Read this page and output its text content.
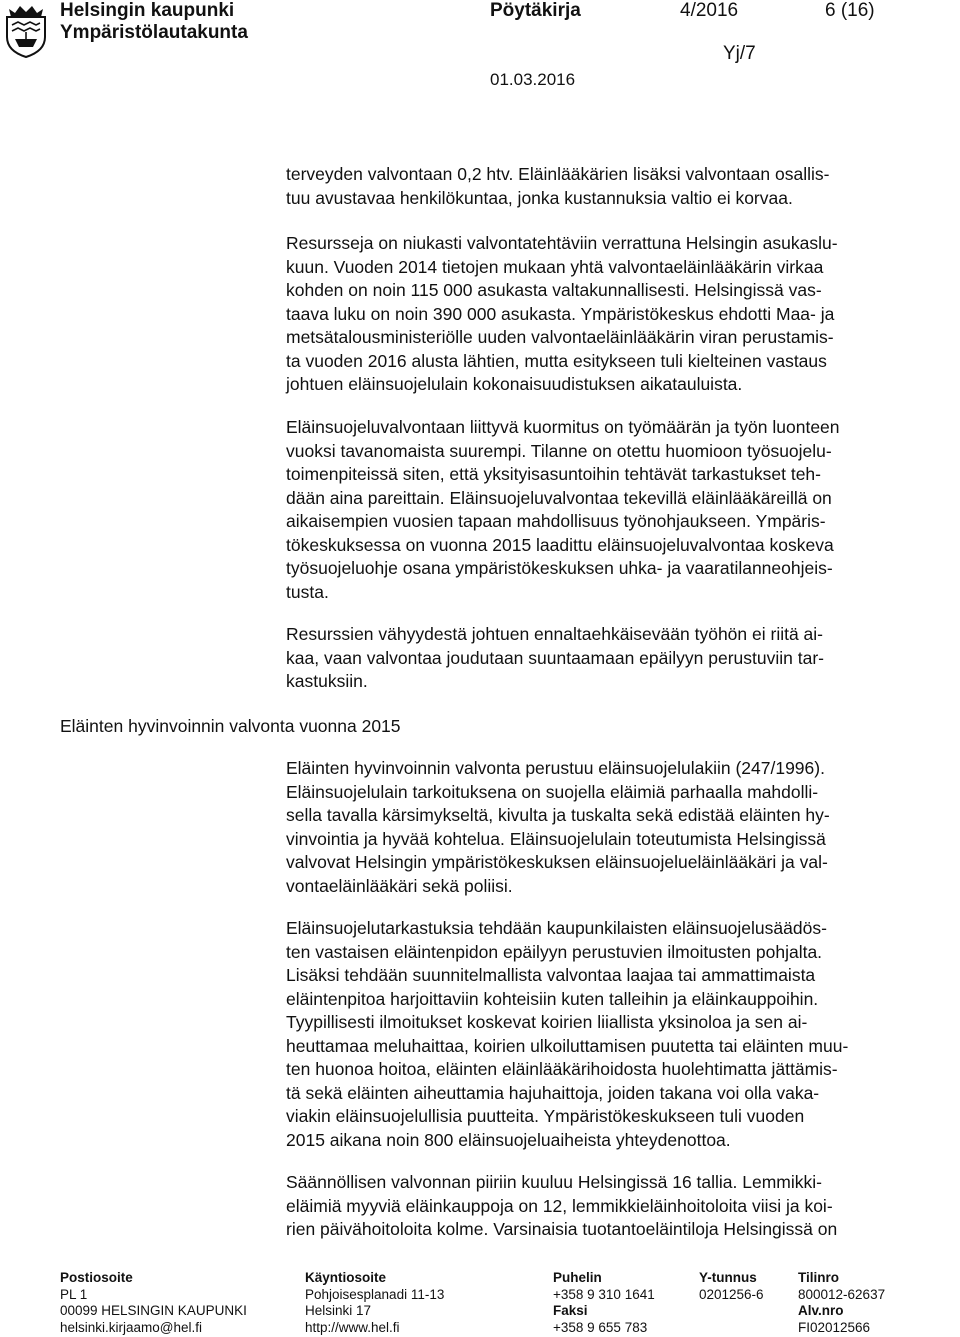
Helsingin kaupunki
Ympäristölautakunta
Pöytäkirja	4/2016	6 (16)
Yj/7
01.03.2016

terveyden valvontaan 0,2 htv. Eläinlääkärien lisäksi valvontaan osallis-

tuu avustavaa henkilökuntaa, jonka kustannuksia valtio ei korvaa.

Resursseja on niukasti valvontatehtäviin verrattuna Helsingin asukaslu-

kuun. Vuoden 2014 tietojen mukaan yhtä valvontaeläinlääkärin virkaa

kohden on noin 115 000 asukasta valtakunnallisesti. Helsingissä vas-

taava luku on noin 390 000 asukasta. Ympäristökeskus ehdotti Maa- ja

metsätalousministeriölle uuden valvontaeläinlääkärin viran perustamis-

ta vuoden 2016 alusta lähtien, mutta esitykseen tuli kielteinen vastaus

johtuen eläinsuojelulain kokonaisuudistuksen aikatauluista.

Eläinsuojeluvalvontaan liittyvä kuormitus on työmäärän ja työn luonteen

vuoksi tavanomaista suurempi. Tilanne on otettu huomioon työsuojelu-

toimenpiteissä siten, että yksityisasuntoihin tehtävät tarkastukset teh-

dään aina pareittain. Eläinsuojeluvalvontaa tekevillä eläinlääkäreillä on

aikaisempien vuosien tapaan mahdollisuus työnohjaukseen. Ympäris-

tökeskuksessa on vuonna 2015 laadittu eläinsuojeluvalvontaa koskeva

työsuojeluohje osana ympäristökeskuksen uhka- ja vaaratilanneohjeis-

tusta.

Resurssien vähyydestä johtuen ennaltaehkäisevään työhön ei riitä ai-

kaa, vaan valvontaa joudutaan suuntaamaan epäilyyn perustuviin tar-

kastuksiin.

Eläinten hyvinvoinnin valvonta vuonna 2015

Eläinten hyvinvoinnin valvonta perustuu eläinsuojelulakiin (247/1996).

Eläinsuojelulain tarkoituksena on suojella eläimiä parhaalla mahdolli-

sella tavalla kärsimykseltä, kivulta ja tuskalta sekä edistää eläinten hy-

vinvointia ja hyvää kohtelua. Eläinsuojelulain toteutumista Helsingissä

valvovat Helsingin ympäristökeskuksen eläinsuojelueläinlääkäri ja val-

vontaeläinlääkäri sekä poliisi.

Eläinsuojelutarkastuksia tehdään kaupunkilaisten eläinsuojelusäädös-

ten vastaisen eläintenpidon epäilyyn perustuvien ilmoitusten pohjalta.

Lisäksi tehdään suunnitelmallista valvontaa laajaa tai ammattimaista

eläintenpitoa harjoittaviin kohteisiin kuten talleihin ja eläinkauppoihin.

Tyypillisesti ilmoitukset koskevat koirien liiallista yksinoloa ja sen ai-

heuttamaa meluhaittaa, koirien ulkoiluttamisen puutetta tai eläinten muu-

ten huonoa hoitoa, eläinten eläinlääkärihoidosta huolehtimatta jättämis-

tä sekä eläinten aiheuttamia hajuhaittoja, joiden takana voi olla vaka-

viakin eläinsuojelullisia puutteita. Ympäristökeskukseen tuli vuoden

2015 aikana noin 800 eläinsuojeluaiheista yhteydenottoa.

Säännöllisen valvonnan piiriin kuuluu Helsingissä 16 tallia. Lemmikki-

eläimiä myyviä eläinkauppoja on 12, lemmikkieläinhoitoloita viisi ja koi-

rien päivähoitoloita kolme. Varsinaisia tuotantoeläintiloja Helsingissä on

Postiosoite
PL 1
00099 HELSINGIN KAUPUNKI
helsinki.kirjaamo@hel.fi
Käyntiosoite
Pohjoisesplanadi 11-13
Helsinki 17
http://www.hel.fi
Puhelin
+358 9 310 1641
Faksi
+358 9 655 783
Y-tunnus
0201256-6
Tilinro
800012-62637
Alv.nro
FI02012566
